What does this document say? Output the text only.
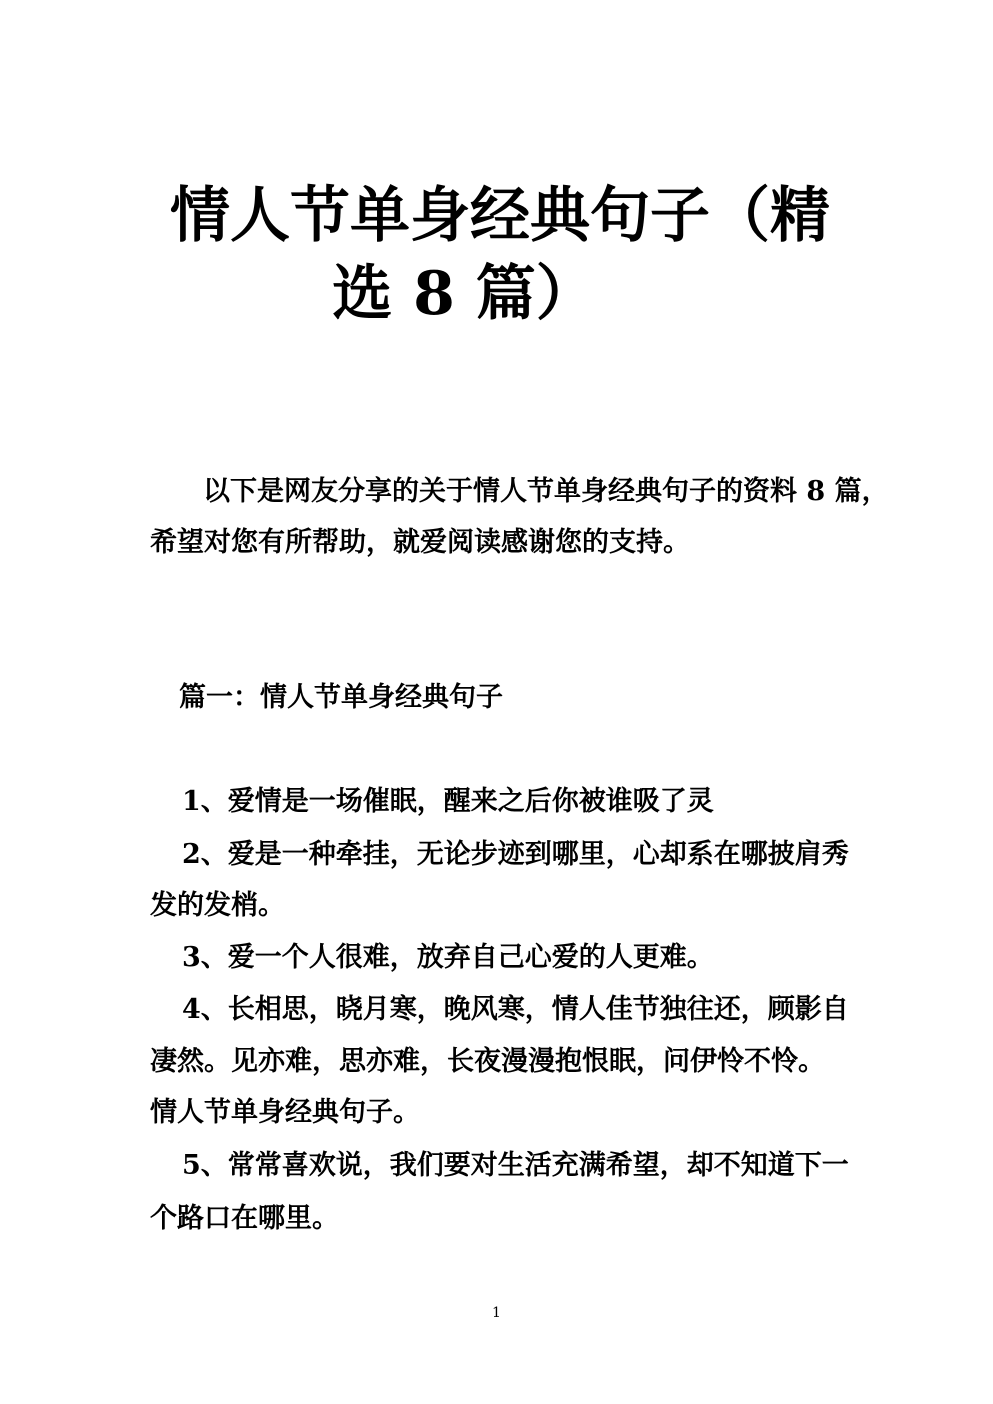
情人节单身经典句子（精
选 8 篇）
以下是网友分享的关于情人节单身经典句子的资料 8 篇，
希望对您有所帮助，就爱阅读感谢您的支持。
篇一：情人节单身经典句子
1、爱情是一场催眠，醒来之后你被谁吸了灵
2、爱是一种牵挂，无论步迹到哪里，心却系在哪披肩秀
发的发梢。
3、爱一个人很难，放弃自己心爱的人更难。
4、长相思，晓月寒，晚风寒，情人佳节独往还，顾影自
凄然。见亦难，思亦难，长夜漫漫抱恨眠，问伊怜不怜。
情人节单身经典句子。
5、常常喜欢说，我们要对生活充满希望，却不知道下一
个路口在哪里。
1
